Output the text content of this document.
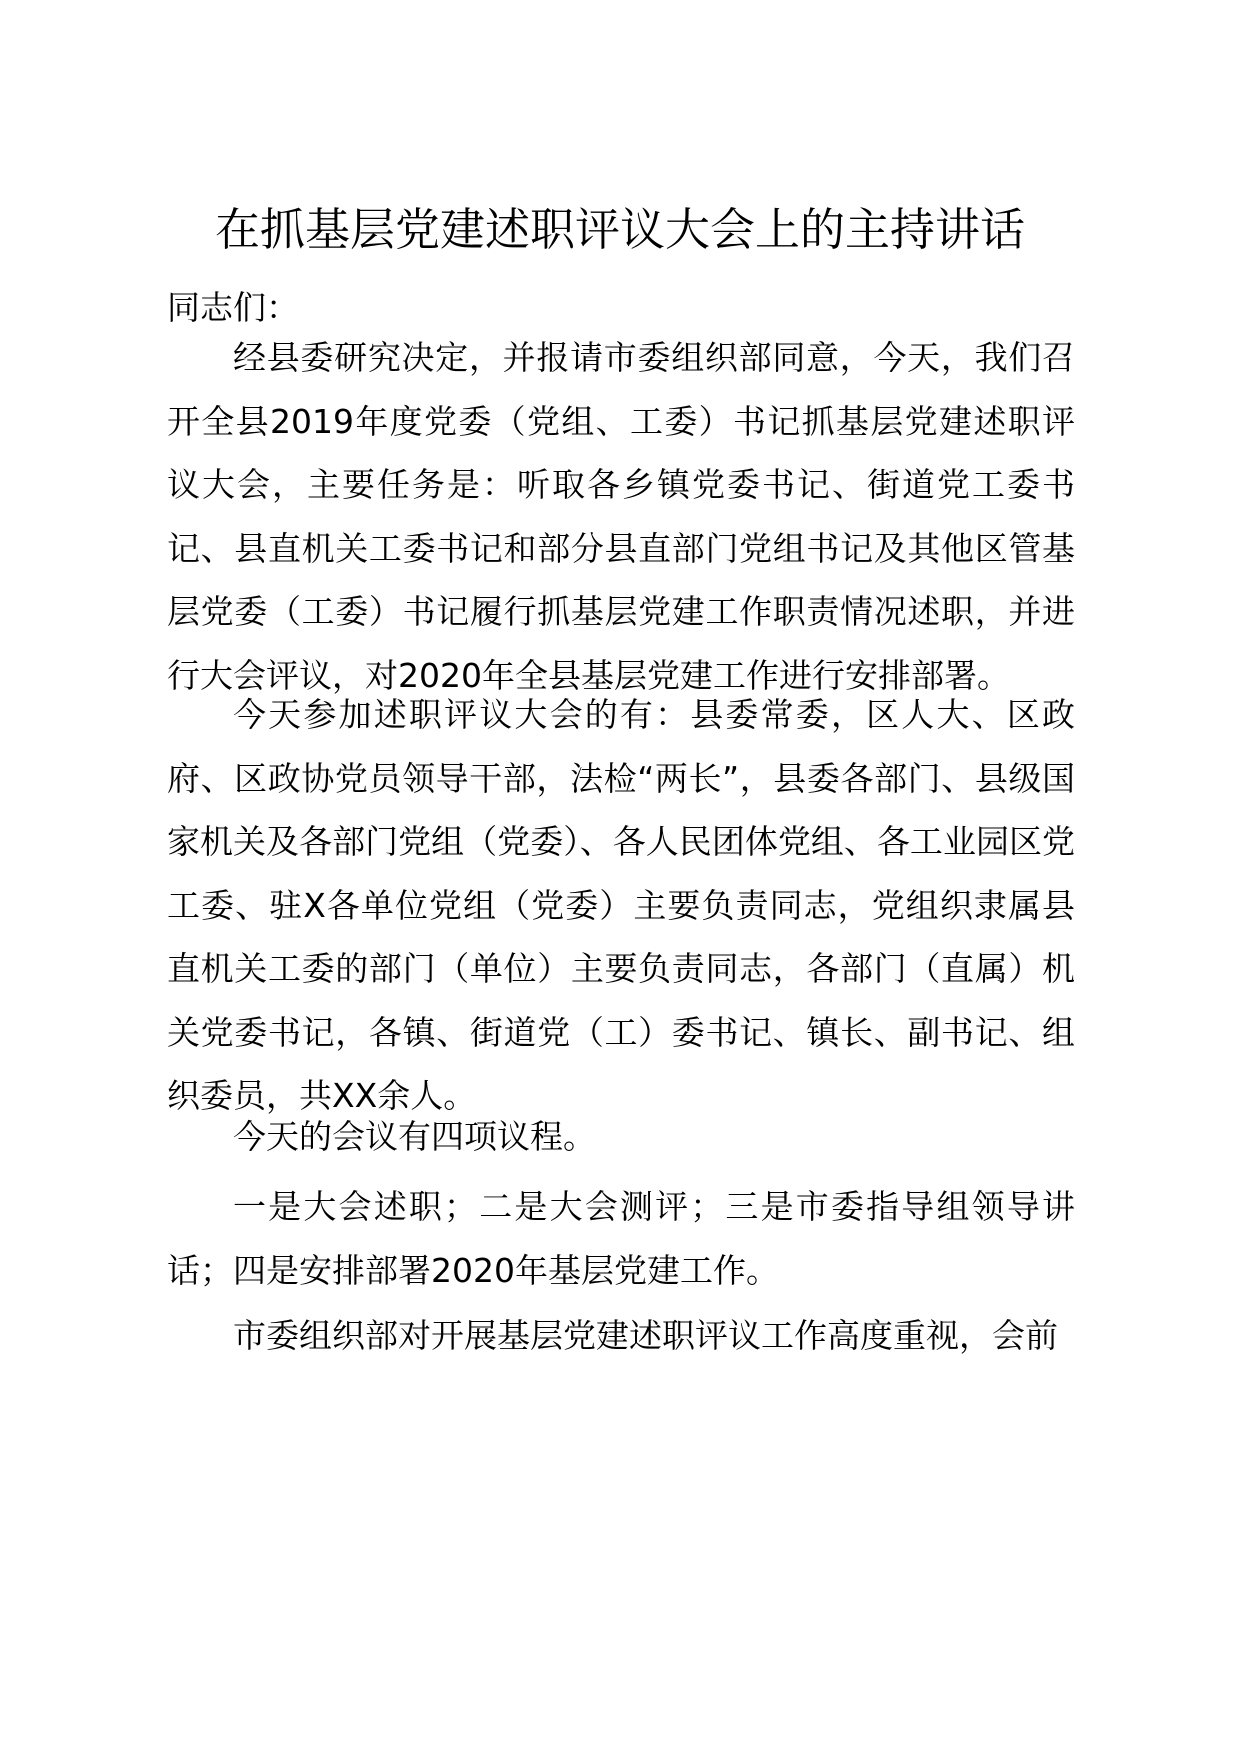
在抓基层党建述职评议大会上的主持讲话

同志们：

经县委研究决定，并报请市委组织部同意，今天，我们召开全县2019年度党委（党组、工委）书记抓基层党建述职评议大会，主要任务是：听取各乡镇党委书记、街道党工委书记、县直机关工委书记和部分县直部门党组书记及其他区管基层党委（工委）书记履行抓基层党建工作职责情况述职，并进行大会评议，对2020年全县基层党建工作进行安排部署。

今天参加述职评议大会的有：县委常委，区人大、区政府、区政协党员领导干部，法检“两长”，县委各部门、县级国家机关及各部门党组（党委）、各人民团体党组、各工业园区党工委、驻X各单位党组（党委）主要负责同志，党组织隶属县直机关工委的部门（单位）主要负责同志，各部门（直属）机关党委书记，各镇、街道党（工）委书记、镇长、副书记、组织委员，共XX余人。

今天的会议有四项议程。

一是大会述职；二是大会测评；三是市委指导组领导讲话；四是安排部署2020年基层党建工作。

市委组织部对开展基层党建述职评议工作高度重视，会前
